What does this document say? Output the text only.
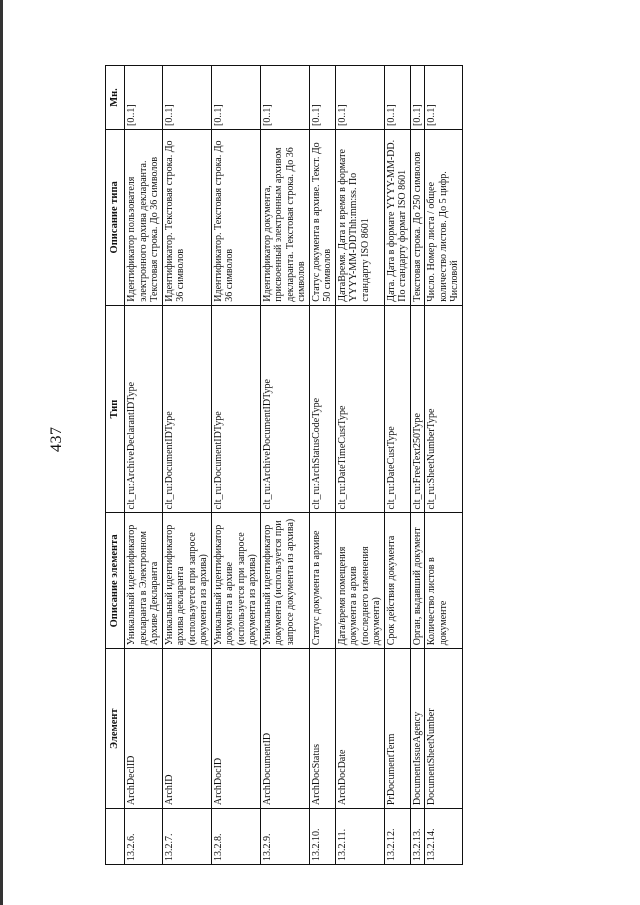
437
	Элемент	Описание элемента	Тип	Описание типа	Мн.
13.2.6.	ArchDeclID	Уникальный идентификатор декларанта в Электронном Архиве Декларанта	clt_ru:ArchiveDeclarantIDType	Идентификатор пользователя электронного архива декларанта. Текстовая строка. До 36 символов	[0..1]
13.2.7.	ArchID	Уникальный идентификатор архива декларанта (используется при запросе документа из архива)	clt_ru:DocumentIDType	Идентификатор. Текстовая строка. До 36 символов	[0..1]
13.2.8.	ArchDocID	Уникальный идентификатор документа в архиве (используется при запросе документа из архива)	clt_ru:DocumentIDType	Идентификатор. Текстовая строка. До 36 символов	[0..1]
13.2.9.	ArchDocumentID	Уникальный идентификатор документа (используется при запросе документа из архива)	clt_ru:ArchiveDocumentIDType	Идентификатор документа, присвоенный электронным архивом декларанта. Текстовая строка. До 36 символов	[0..1]
13.2.10.	ArchDocStatus	Статус документа в архиве	clt_ru:ArchStatusCodeType	Статус документа в архиве. Текст. До 50 символов	[0..1]
13.2.11.	ArchDocDate	Дата/время помещения документа в архив (последнего изменения документа)	clt_ru:DateTimeCustType	ДатаВремя. Дата и время в формате YYYY-MM-DDThh:mm:ss. По стандарту ISO 8601	[0..1]
13.2.12.	PrDocumentTerm	Срок действия документа	clt_ru:DateCustType	Дата. Дата в формате YYYY-MM-DD. По стандарту формат ISO 8601	[0..1]
13.2.13.	DocumentIssueAgency	Орган, выдавший документ	clt_ru:FreeText250Type	Текстовая строка. До 250 символов	[0..1]
13.2.14.	DocumentSheetNumber	Количество листов в документе	clt_ru:SheetNumberType	Число. Номер листа / общее количество листов. До 5 цифр. Числовой	[0..1]
